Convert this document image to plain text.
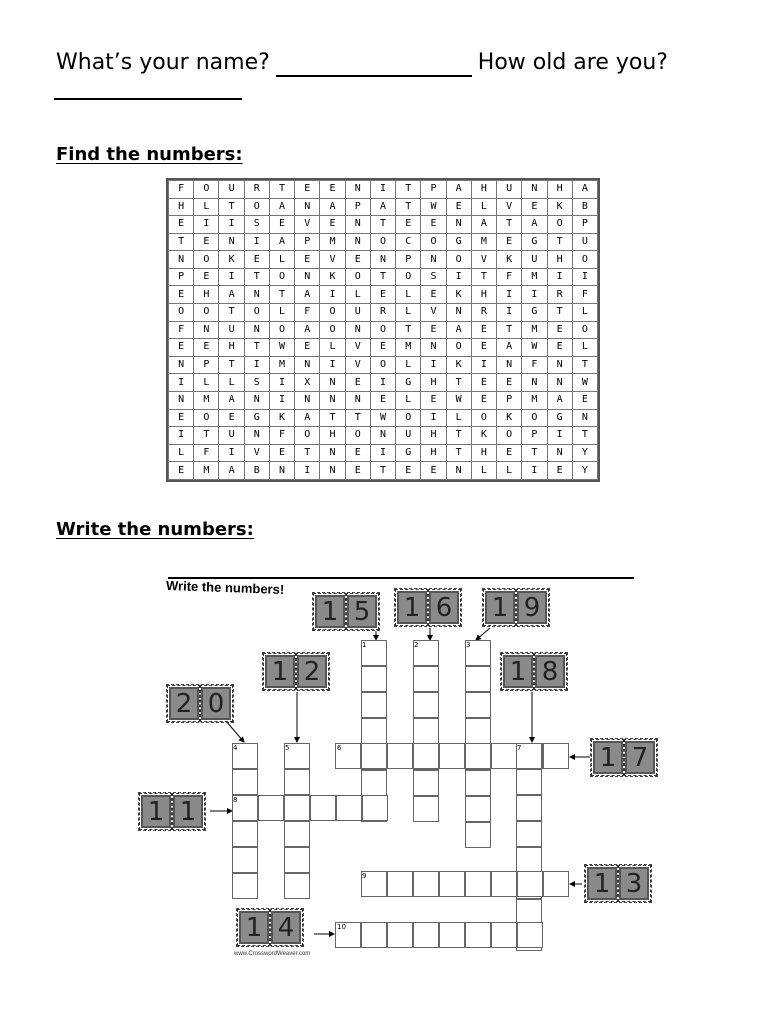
What’s your name?	How old are you?
Find the numbers:
F	O	U	R	T	E	E	N	I	T	P	A	H	U	N	H	A
H	L	T	O	A	N	A	P	A	T	W	E	L	V	E	K	B
E	I	I	S	E	V	E	N	T	E	E	N	A	T	A	O	P
T	E	N	I	A	P	M	N	O	C	O	G	M	E	G	T	U
N	O	K	E	L	E	V	E	N	P	N	O	V	K	U	H	O
P	E	I	T	O	N	K	O	T	O	S	I	T	F	M	I	I
E	H	A	N	T	A	I	L	E	L	E	K	H	I	I	R	F
O	O	T	O	L	F	O	U	R	L	V	N	R	I	G	T	L
F	N	U	N	O	A	O	N	O	T	E	A	E	T	M	E	O
E	E	H	T	W	E	L	V	E	M	N	O	E	A	W	E	L
N	P	T	I	M	N	I	V	O	L	I	K	I	N	F	N	T
I	L	L	S	I	X	N	E	I	G	H	T	E	E	N	N	W
N	M	A	N	I	N	N	N	E	L	E	W	E	P	M	A	E
E	O	E	G	K	A	T	T	W	O	I	L	O	K	O	G	N
I	T	U	N	F	O	H	O	N	U	H	T	K	O	P	I	T
L	F	I	V	E	T	N	E	I	G	H	T	H	E	T	N	Y
E	M	A	B	N	I	N	E	T	E	E	N	L	L	I	E	Y
Write the numbers:
Write the numbers!
www.CrosswordWeaver.com
1	2	3
4	5	6	7
8
9
10
1 5 1 6 1 9
1 2	1 8
2 0
1 7
1 1
1 3
1 4
